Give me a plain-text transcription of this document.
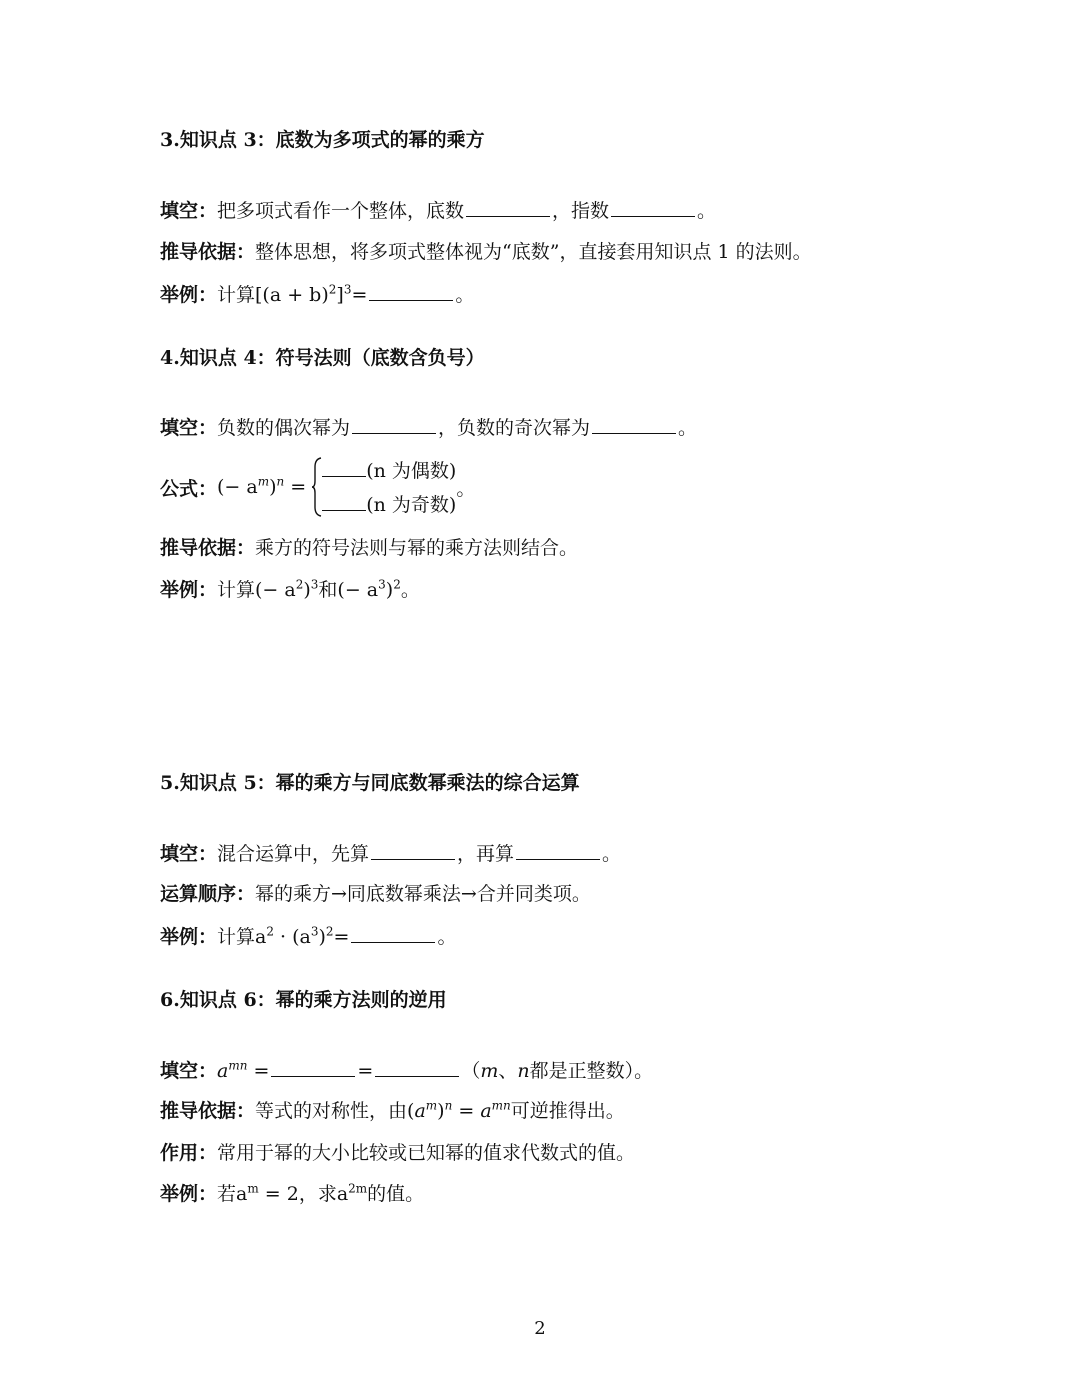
3.知识点 3：底数为多项式的幂的乘方
填空： 把多项式看作一个整体，底数	，指数	。
推导依据： 整体思想，将多项式整体视为“底数”，直接套用知识点 1 的法则。
举例： 计算$[(a + b)^2]^3=$	。
4.知识点 4：符号法则（底数含负号）
填空： 负数的偶次幂为	，负数的奇次幂为	。
公式： (− $a^m)^n$ =
(n 为偶数)
(n 为奇数)
。
推导依据： 乘方的符号法则与幂的乘方法则结合。
举例： 计算(− $a^2)^3$和(− $a^3)^2$。
5.知识点 5：幂的乘方与同底数幂乘法的综合运算
填空： 混合运算中，先算	，再算	。
运算顺序： 幂的乘方→同底数幂乘法→合并同类项。
举例： 计算$a^2 \cdot (a^3)^2=$	。
6.知识点 6：幂的乘方法则的逆用
填空： $a^{mn}$ =	=	（m、n都是正整数）。
推导依据： 等式的对称性，由$(a^m)^n = a^{mn}$可逆推得出。
作用： 常用于幂的大小比较或已知幂的值求代数式的值。
举例： 若$a^m = 2$，求$a^{2m}$的值。
2
